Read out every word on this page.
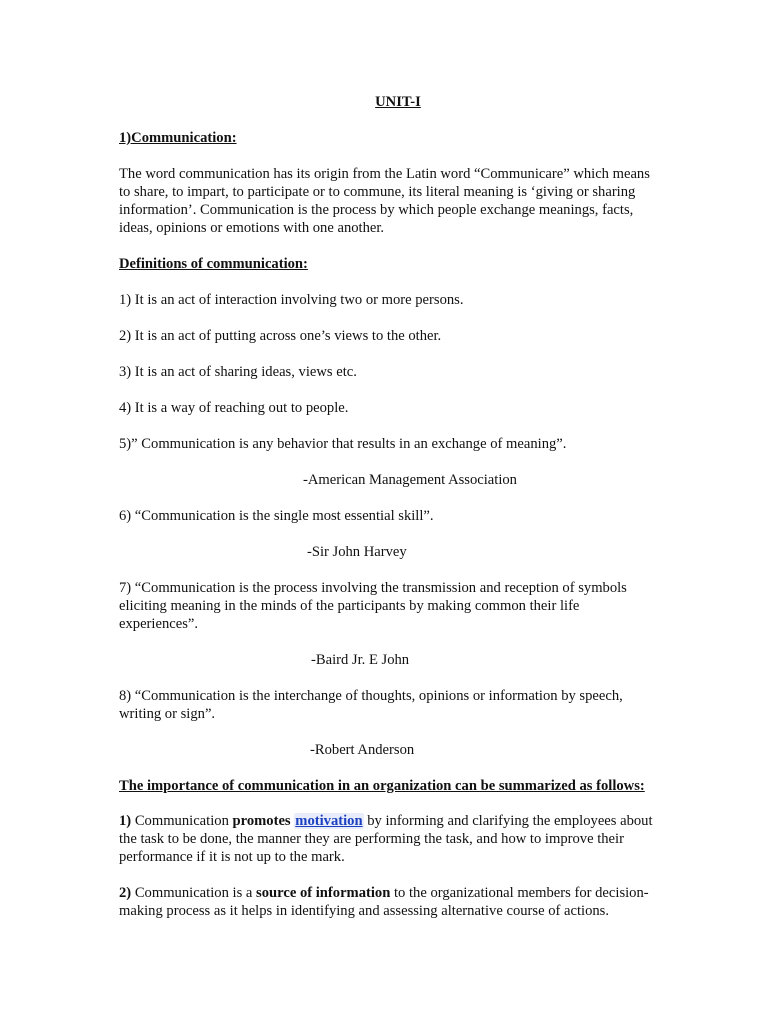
UNIT-I
1)Communication:
The word communication has its origin from the Latin word “Communicare” which means
to share, to impart, to participate or to commune, its literal meaning is ‘giving or sharing
information’. Communication is the process by which people exchange meanings, facts,
ideas, opinions or emotions with one another.
Definitions of communication:
1) It is an act of interaction involving two or more persons.
2) It is an act of putting across one’s views to the other.
3) It is an act of sharing ideas, views etc.
4) It is a way of reaching out to people.
5)” Communication is any behavior that results in an exchange of meaning”.
-American Management Association
6) “Communication is the single most essential skill”.
-Sir John Harvey
7) “Communication is the process involving the transmission and reception of symbols
eliciting meaning in the minds of the participants by making common their life
experiences”.
-Baird Jr. E John
8) “Communication is the interchange of thoughts, opinions or information by speech,
writing or sign”.
-Robert Anderson
The importance of communication in an organization can be summarized as follows:
1) Communication promotes motivation by informing and clarifying the employees about
the task to be done, the manner they are performing the task, and how to improve their
performance if it is not up to the mark.
2) Communication is a source of information to the organizational members for decision-
making process as it helps in identifying and assessing alternative course of actions.
